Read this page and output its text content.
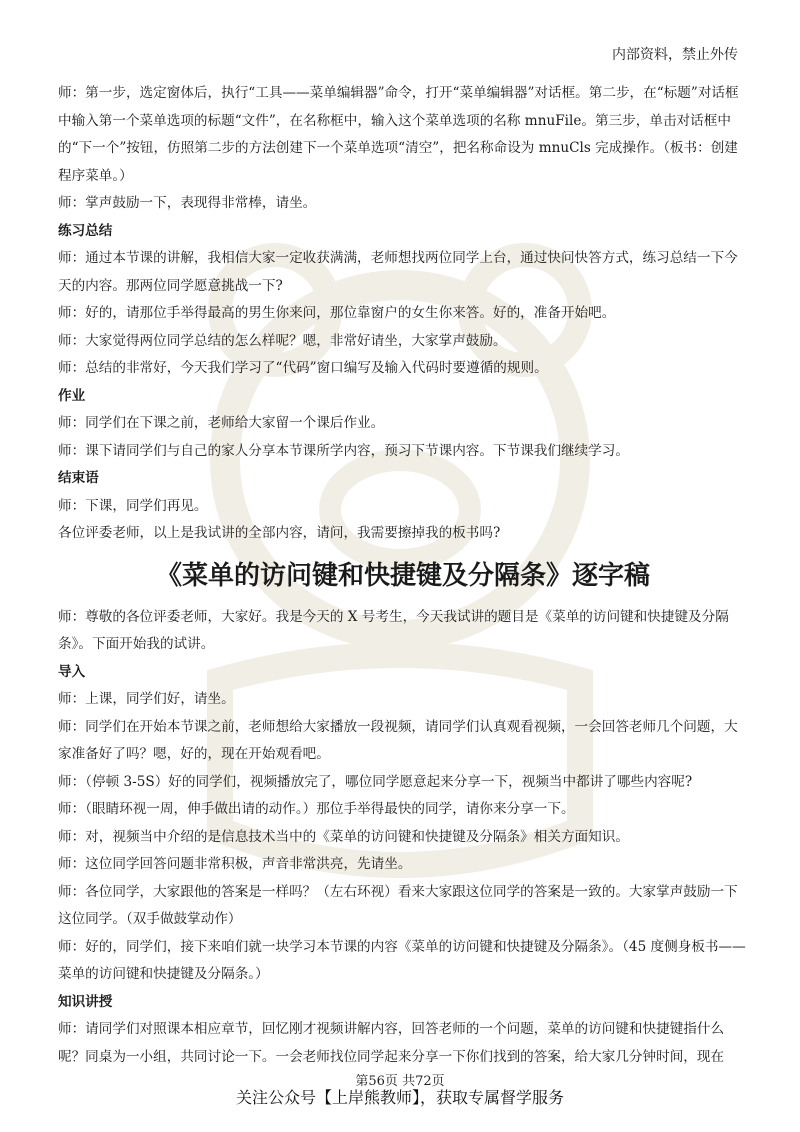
内部资料，禁止外传

师：第一步，选定窗体后，执行“工具——菜单编辑器”命令，打开“菜单编辑器”对话框。第二步，在“标题”对话框中输入第一个菜单选项的标题“文件”，在名称框中，输入这个菜单选项的名称 mnuFile。第三步，单击对话框中的“下一个”按钮，仿照第二步的方法创建下一个菜单选项“清空”，把名称命设为 mnuCls 完成操作。（板书：创建程序菜单。）

师：掌声鼓励一下，表现得非常棒，请坐。

练习总结

师：通过本节课的讲解，我相信大家一定收获满满，老师想找两位同学上台，通过快问快答方式，练习总结一下今天的内容。那两位同学愿意挑战一下?

师：好的，请那位手举得最高的男生你来问，那位靠窗户的女生你来答。好的，准备开始吧。

师：大家觉得两位同学总结的怎么样呢？嗯，非常好请坐，大家掌声鼓励。

师：总结的非常好，今天我们学习了“代码”窗口编写及输入代码时要遵循的规则。

作业

师：同学们在下课之前，老师给大家留一个课后作业。

师：课下请同学们与自己的家人分享本节课所学内容，预习下节课内容。下节课我们继续学习。

结束语

师：下课，同学们再见。

各位评委老师，以上是我试讲的全部内容，请问，我需要擦掉我的板书吗?

《菜单的访问键和快捷键及分隔条》逐字稿

师：尊敬的各位评委老师，大家好。我是今天的 X 号考生，今天我试讲的题目是《菜单的访问键和快捷键及分隔条》。下面开始我的试讲。

导入

师：上课，同学们好，请坐。

师：同学们在开始本节课之前，老师想给大家播放一段视频，请同学们认真观看视频，一会回答老师几个问题，大家准备好了吗？嗯，好的，现在开始观看吧。

师：（停顿 3-5S）好的同学们，视频播放完了，哪位同学愿意起来分享一下，视频当中都讲了哪些内容呢?

师：（眼睛环视一周，伸手做出请的动作。）那位手举得最快的同学，请你来分享一下。

师：对，视频当中介绍的是信息技术当中的《菜单的访问键和快捷键及分隔条》相关方面知识。

师：这位同学回答问题非常积极，声音非常洪亮，先请坐。

师：各位同学，大家跟他的答案是一样吗？（左右环视）看来大家跟这位同学的答案是一致的。大家掌声鼓励一下这位同学。（双手做鼓掌动作）

师：好的，同学们，接下来咱们就一块学习本节课的内容《菜单的访问键和快捷键及分隔条》。（45 度侧身板书——菜单的访问键和快捷键及分隔条。）

知识讲授

师：请同学们对照课本相应章节，回忆刚才视频讲解内容，回答老师的一个问题，菜单的访问键和快捷键指什么呢？同桌为一小组，共同讨论一下。一会老师找位同学起来分享一下你们找到的答案，给大家几分钟时间，现在

第56页 共72页
关注公众号【上岸熊教师】，获取专属督学服务
